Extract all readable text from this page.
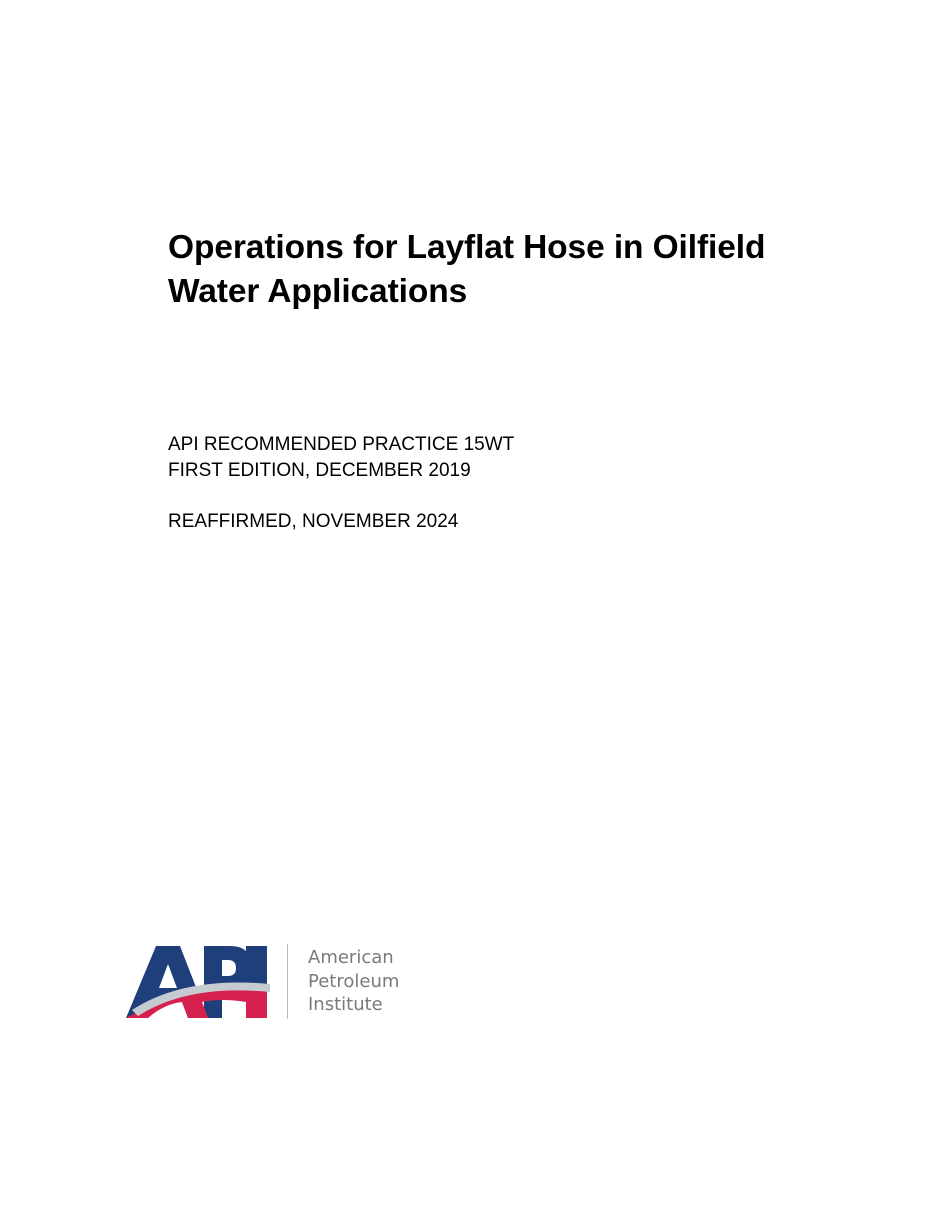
Operations for Layflat Hose in Oilfield
Water Applications
API RECOMMENDED PRACTICE 15WT
FIRST EDITION, DECEMBER 2019
REAFFIRMED, NOVEMBER 2024
American
Petroleum
Institute
